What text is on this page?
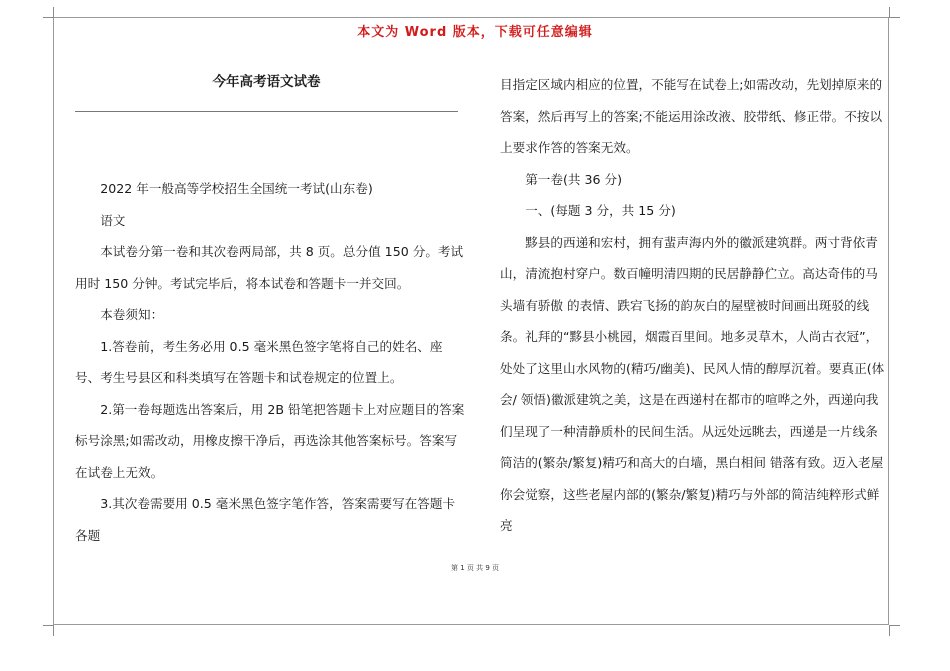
本文为 Word 版本，下载可任意编辑
今年高考语文试卷

2022 年一般高等学校招生全国统一考试(山东卷)

语文

本试卷分第一卷和其次卷两局部，共 8 页。总分值 150 分。考试用时 150 分钟。考试完毕后，将本试卷和答题卡一并交回。

本卷须知：

1.答卷前，考生务必用 0.5 毫米黑色签字笔将自己的姓名、座号、考生号县区和科类填写在答题卡和试卷规定的位置上。

2.第一卷每题选出答案后，用 2B 铅笔把答题卡上对应题目的答案标号涂黑;如需改动，用橡皮擦干净后，再选涂其他答案标号。答案写在试卷上无效。

3.其次卷需要用 0.5 毫米黑色签字笔作答，答案需要写在答题卡各题

目指定区域内相应的位置，不能写在试卷上;如需改动，先划掉原来的答案，然后再写上的答案;不能运用涂改液、胶带纸、修正带。不按以上要求作答的答案无效。

第一卷(共 36 分)

一、(每题 3 分，共 15 分)

黟县的西递和宏村，拥有蜚声海内外的徽派建筑群。两寸背依青山，清流抱村穿户。数百幢明清四期的民居静静伫立。高达奇伟的马头墙有骄傲 的表情、跌宕飞扬的韵灰白的屋壁被时间画出斑驳的线条。礼拜的“黟县小桃园，烟霞百里间。地多灵草木，人尚古衣冠”，处处了这里山水风物的(精巧/幽美)、民风人情的醇厚沉着。要真正(体会/ 领悟)徽派建筑之美，这是在西递村在都市的喧哗之外，西递向我们呈现了一种清静质朴的民间生活。从远处远眺去，西递是一片线条简洁的(繁杂/繁复)精巧和高大的白墙，黑白相间 错落有致。迈入老屋你会觉察，这些老屋内部的(繁杂/繁复)精巧与外部的简洁纯粹形式鲜亮

第 1 页 共 9 页
